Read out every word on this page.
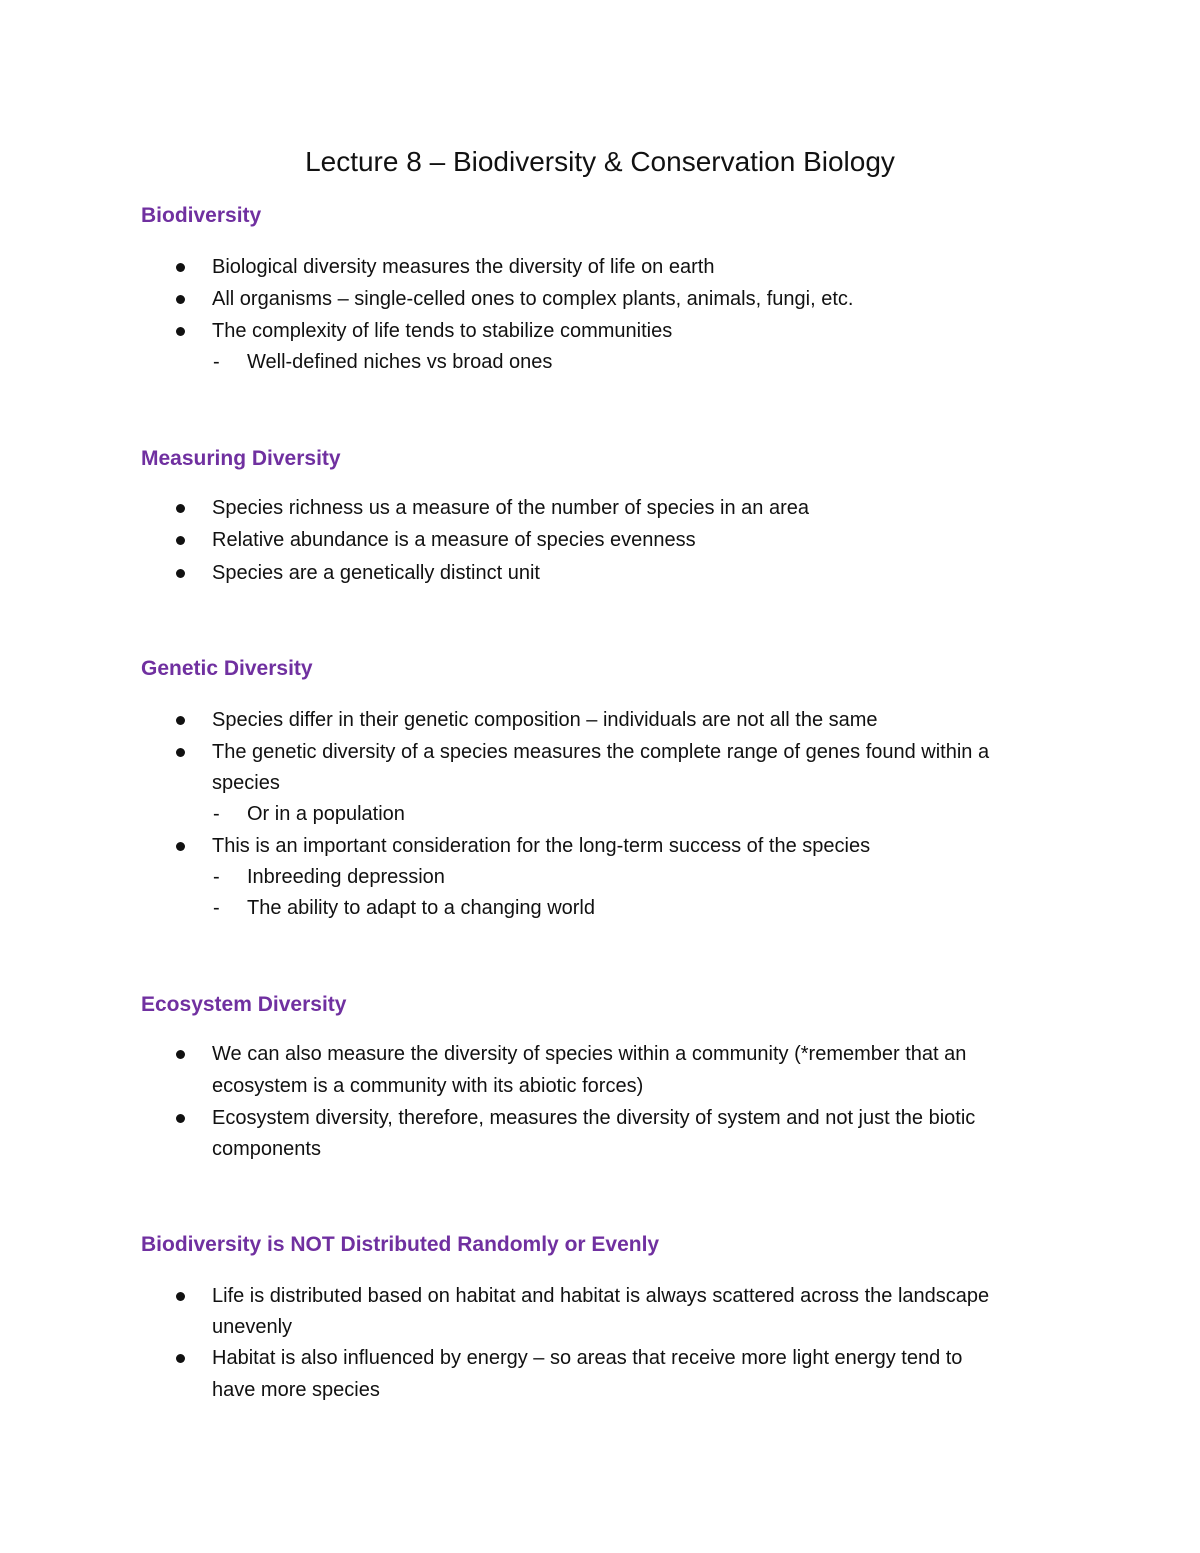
Lecture 8 – Biodiversity & Conservation Biology
Biodiversity
Biological diversity measures the diversity of life on earth
All organisms – single-celled ones to complex plants, animals, fungi, etc.
The complexity of life tends to stabilize communities
- Well-defined niches vs broad ones
Measuring Diversity
Species richness us a measure of the number of species in an area
Relative abundance is a measure of species evenness
Species are a genetically distinct unit
Genetic Diversity
Species differ in their genetic composition – individuals are not all the same
The genetic diversity of a species measures the complete range of genes found within a
species
- Or in a population
This is an important consideration for the long-term success of the species
- Inbreeding depression
- The ability to adapt to a changing world
Ecosystem Diversity
We can also measure the diversity of species within a community (*remember that an
ecosystem is a community with its abiotic forces)
Ecosystem diversity, therefore, measures the diversity of system and not just the biotic
components
Biodiversity is NOT Distributed Randomly or Evenly
Life is distributed based on habitat and habitat is always scattered across the landscape
unevenly
Habitat is also influenced by energy – so areas that receive more light energy tend to
have more species
